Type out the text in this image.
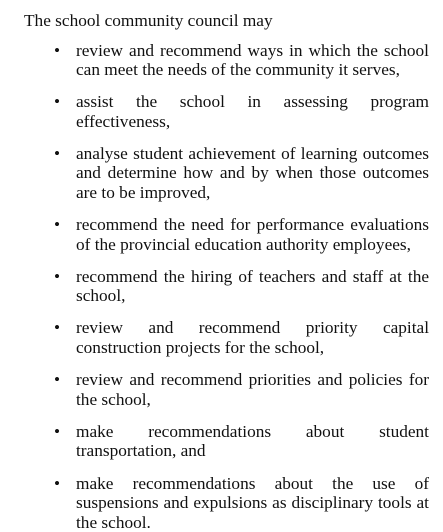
The school community council may

• review and recommend ways in which the school can meet the needs of the community it serves,
• assist the school in assessing program effectiveness,
• analyse student achievement of learning outcomes and determine how and by when those outcomes are to be improved,
• recommend the need for performance evaluations of the provincial education authority employees,
• recommend the hiring of teachers and staff at the school,
• review and recommend priority capital construction projects for the school,
• review and recommend priorities and policies for the school,
• make recommendations about student transportation, and
• make recommendations about the use of suspensions and expulsions as disciplinary tools at the school.
